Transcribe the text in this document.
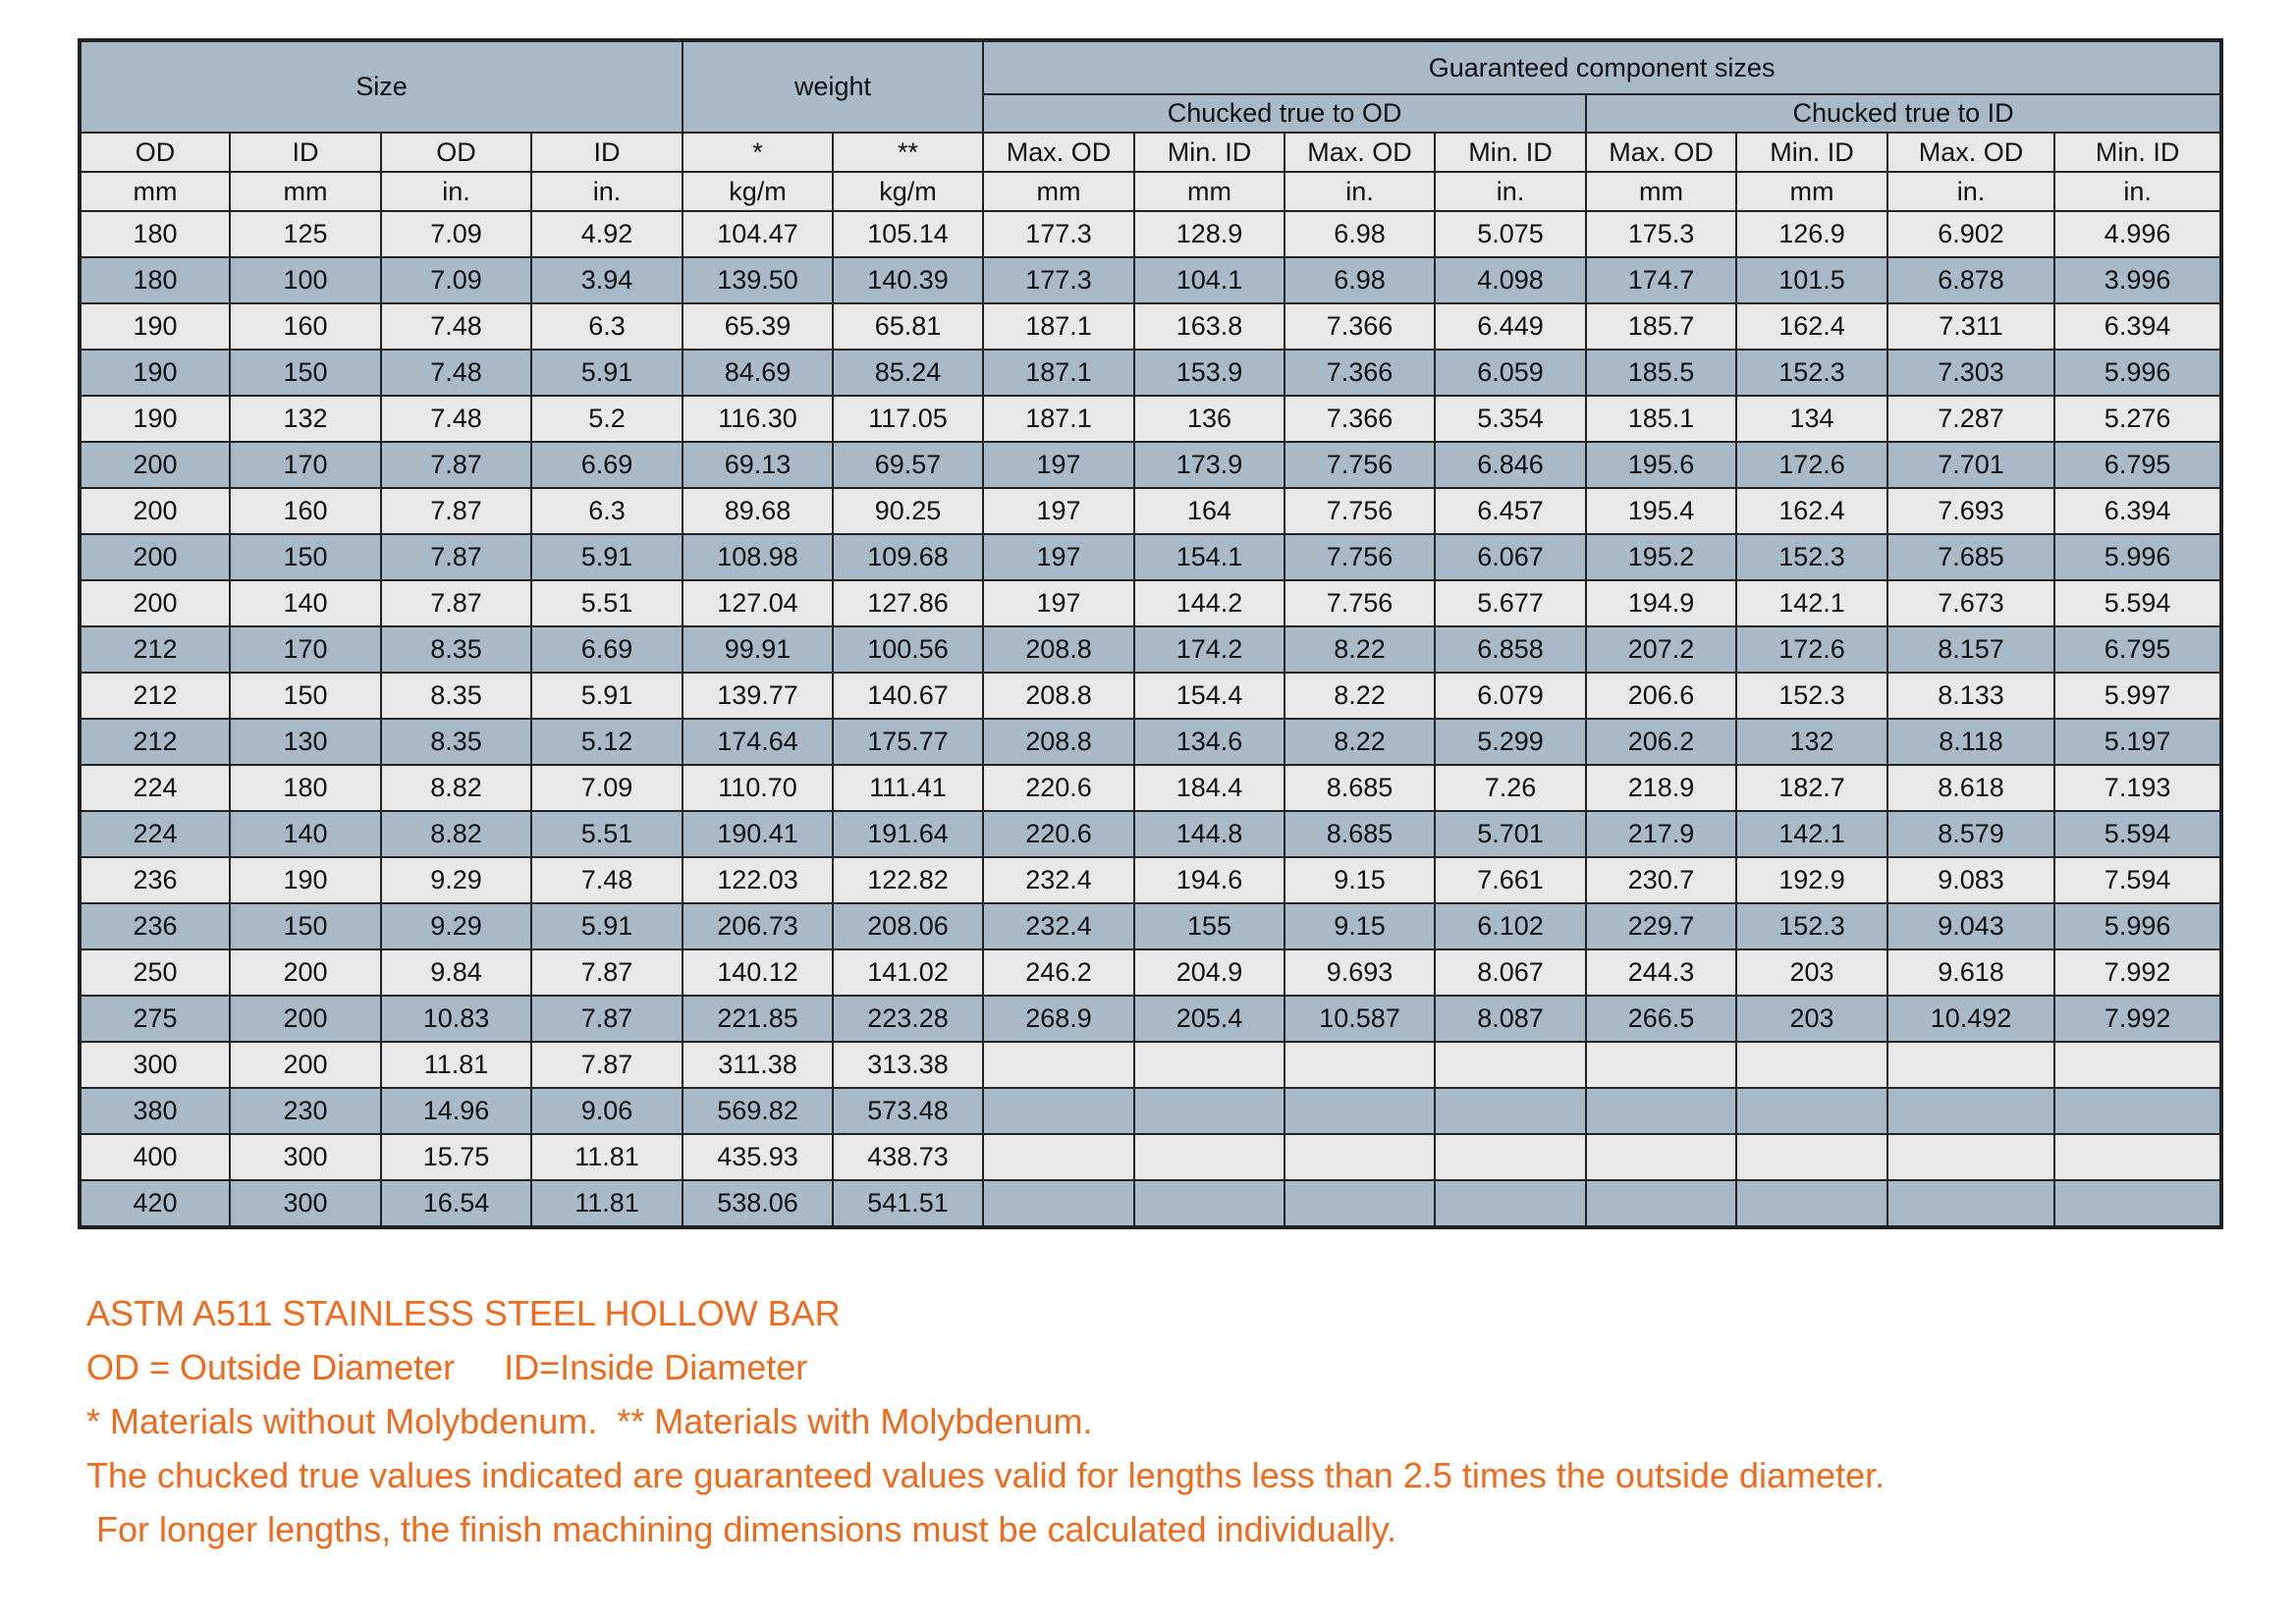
Size				weight		Guaranteed component sizes							
						Chucked true to OD				Chucked true to ID			
OD	ID	OD	ID	*	**	Max. OD	Min. ID	Max. OD	Min. ID	Max. OD	Min. ID	Max. OD	Min. ID
mm	mm	in.	in.	kg/m	kg/m	mm	mm	in.	in.	mm	mm	in.	in.
180	125	7.09	4.92	104.47	105.14	177.3	128.9	6.98	5.075	175.3	126.9	6.902	4.996
180	100	7.09	3.94	139.50	140.39	177.3	104.1	6.98	4.098	174.7	101.5	6.878	3.996
190	160	7.48	6.3	65.39	65.81	187.1	163.8	7.366	6.449	185.7	162.4	7.311	6.394
190	150	7.48	5.91	84.69	85.24	187.1	153.9	7.366	6.059	185.5	152.3	7.303	5.996
190	132	7.48	5.2	116.30	117.05	187.1	136	7.366	5.354	185.1	134	7.287	5.276
200	170	7.87	6.69	69.13	69.57	197	173.9	7.756	6.846	195.6	172.6	7.701	6.795
200	160	7.87	6.3	89.68	90.25	197	164	7.756	6.457	195.4	162.4	7.693	6.394
200	150	7.87	5.91	108.98	109.68	197	154.1	7.756	6.067	195.2	152.3	7.685	5.996
200	140	7.87	5.51	127.04	127.86	197	144.2	7.756	5.677	194.9	142.1	7.673	5.594
212	170	8.35	6.69	99.91	100.56	208.8	174.2	8.22	6.858	207.2	172.6	8.157	6.795
212	150	8.35	5.91	139.77	140.67	208.8	154.4	8.22	6.079	206.6	152.3	8.133	5.997
212	130	8.35	5.12	174.64	175.77	208.8	134.6	8.22	5.299	206.2	132	8.118	5.197
224	180	8.82	7.09	110.70	111.41	220.6	184.4	8.685	7.26	218.9	182.7	8.618	7.193
224	140	8.82	5.51	190.41	191.64	220.6	144.8	8.685	5.701	217.9	142.1	8.579	5.594
236	190	9.29	7.48	122.03	122.82	232.4	194.6	9.15	7.661	230.7	192.9	9.083	7.594
236	150	9.29	5.91	206.73	208.06	232.4	155	9.15	6.102	229.7	152.3	9.043	5.996
250	200	9.84	7.87	140.12	141.02	246.2	204.9	9.693	8.067	244.3	203	9.618	7.992
275	200	10.83	7.87	221.85	223.28	268.9	205.4	10.587	8.087	266.5	203	10.492	7.992
300	200	11.81	7.87	311.38	313.38								
380	230	14.96	9.06	569.82	573.48								
400	300	15.75	11.81	435.93	438.73								
420	300	16.54	11.81	538.06	541.51								
ASTM A511 STAINLESS STEEL HOLLOW BAR
OD = Outside Diameter ID=Inside Diameter
* Materials without Molybdenum. ** Materials with Molybdenum.
The chucked true values indicated are guaranteed values valid for lengths less than 2.5 times the outside diameter.
For longer lengths, the finish machining dimensions must be calculated individually.
